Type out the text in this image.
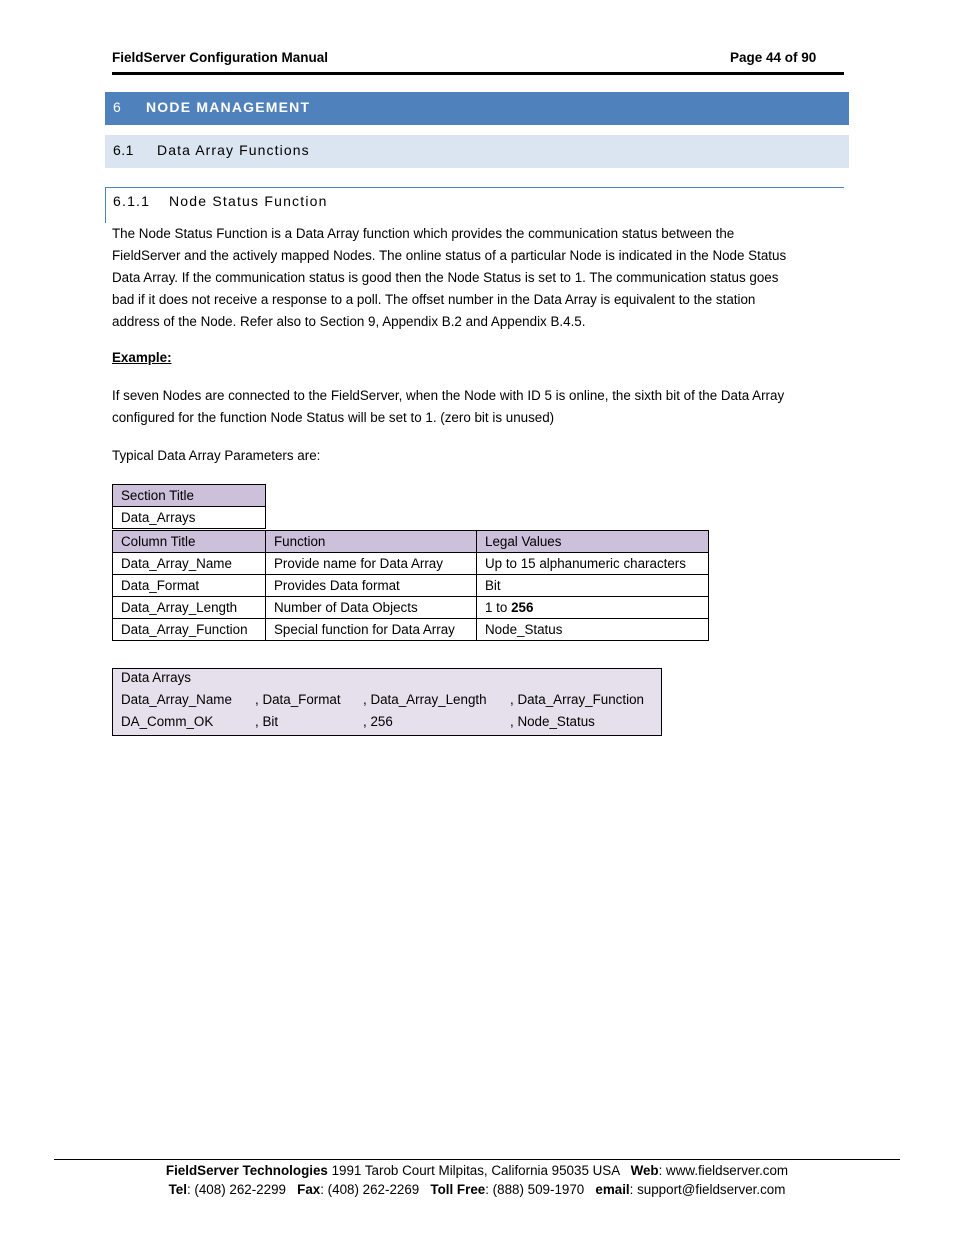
FieldServer Configuration Manual	Page 44 of 90
6 NODE MANAGEMENT
6.1 Data Array Functions
6.1.1 Node Status Function
The Node Status Function is a Data Array function which provides the communication status between the
FieldServer and the actively mapped Nodes. The online status of a particular Node is indicated in the Node Status
Data Array. If the communication status is good then the Node Status is set to 1. The communication status goes
bad if it does not receive a response to a poll. The offset number in the Data Array is equivalent to the station
address of the Node. Refer also to Section 9, Appendix B.2 and Appendix B.4.5.
Example:
If seven Nodes are connected to the FieldServer, when the Node with ID 5 is online, the sixth bit of the Data Array
configured for the function Node Status will be set to 1. (zero bit is unused)
Typical Data Array Parameters are:
Section Title
Data_Arrays
Column Title	Function	Legal Values
Data_Array_Name	Provide name for Data Array	Up to 15 alphanumeric characters
Data_Format	Provides Data format	Bit
Data_Array_Length	Number of Data Objects	1 to 256
Data_Array_Function	Special function for Data Array	Node_Status
Data Arrays
Data_Array_Name , Data_Format , Data_Array_Length , Data_Array_Function
DA_Comm_OK	, Bit	, 256	, Node_Status
FieldServer Technologies 1991 Tarob Court Milpitas, California 95035 USA   Web: www.fieldserver.com
Tel: (408) 262-2299   Fax: (408) 262-2269   Toll Free: (888) 509-1970   email: support@fieldserver.com
